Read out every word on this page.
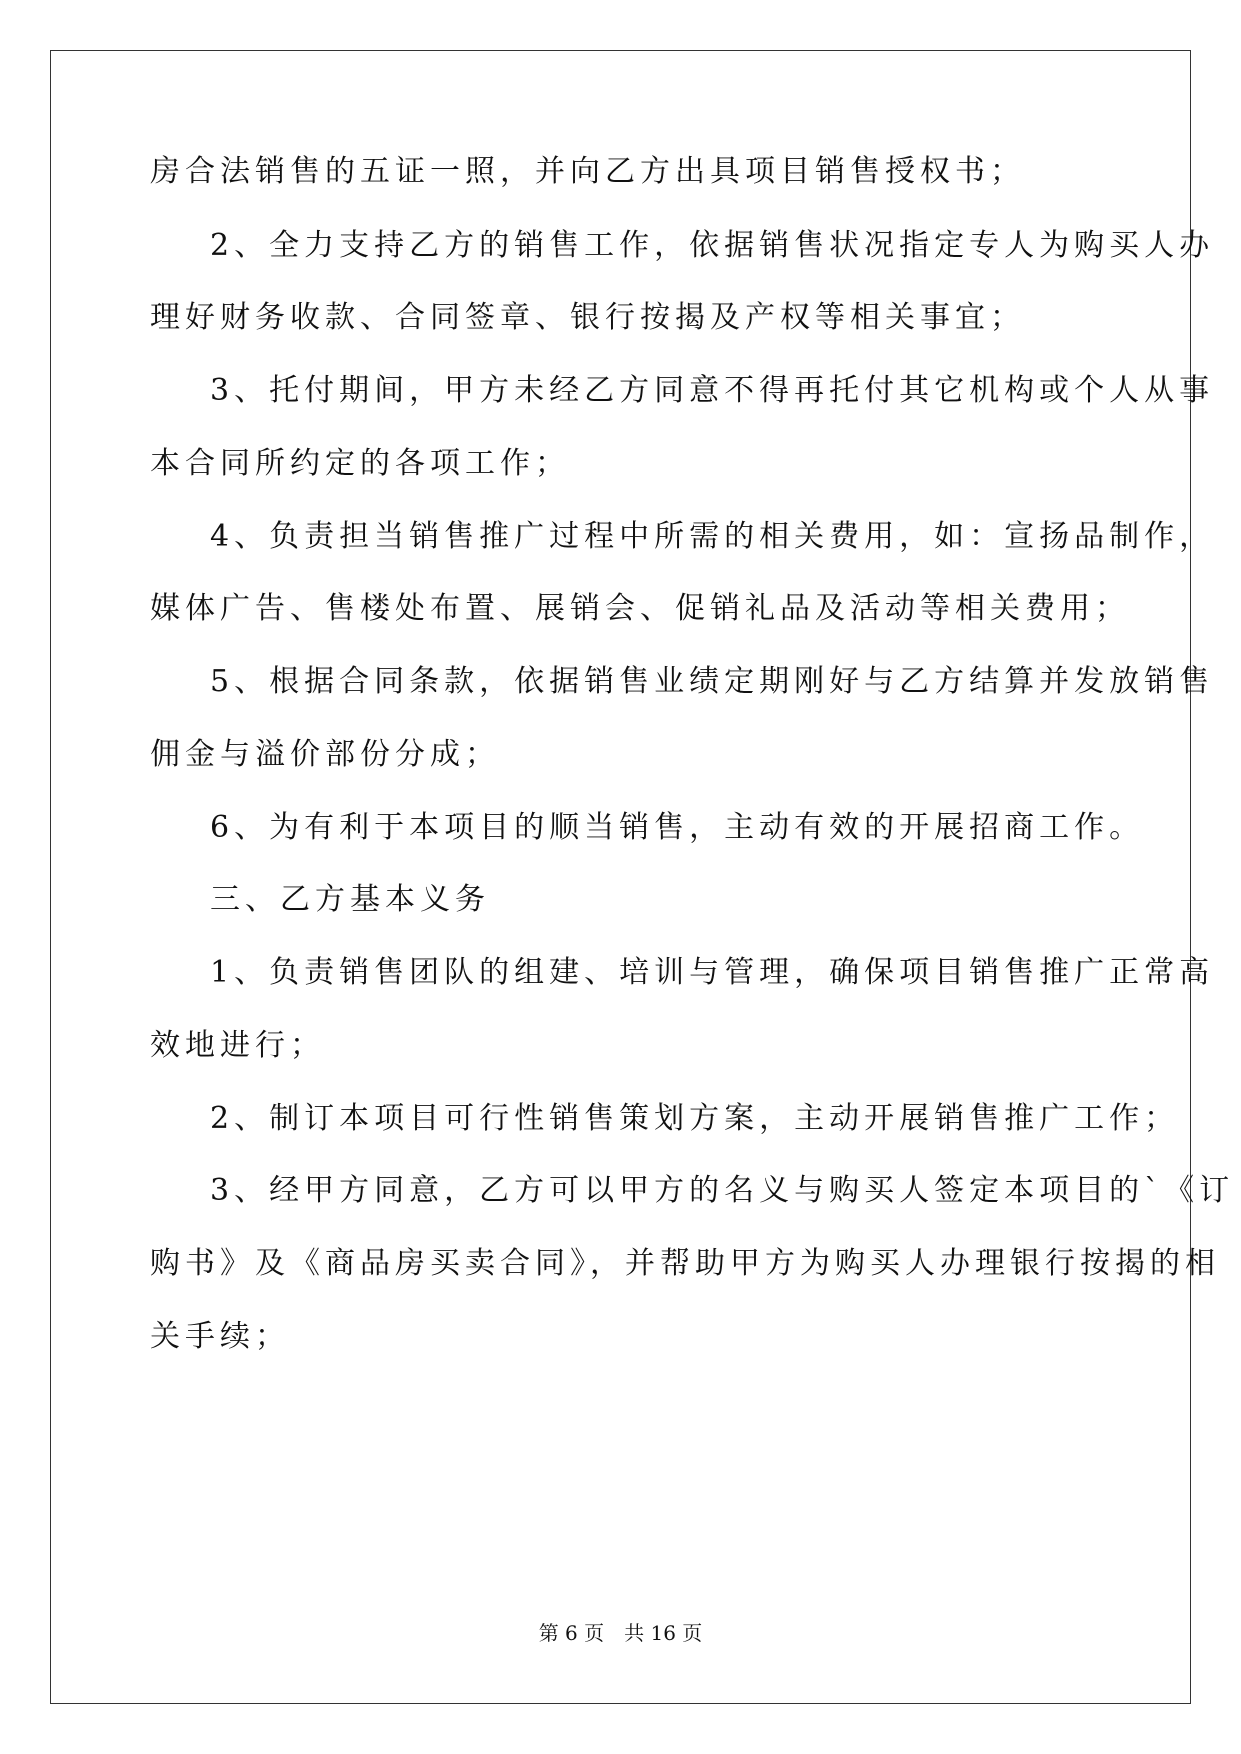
房合法销售的五证一照，并向乙方出具项目销售授权书；
2、全力支持乙方的销售工作，依据销售状况指定专人为购买人办
理好财务收款、合同签章、银行按揭及产权等相关事宜；
3、托付期间，甲方未经乙方同意不得再托付其它机构或个人从事
本合同所约定的各项工作；
4、负责担当销售推广过程中所需的相关费用，如：宣扬品制作，
媒体广告、售楼处布置、展销会、促销礼品及活动等相关费用；
5、根据合同条款，依据销售业绩定期刚好与乙方结算并发放销售
佣金与溢价部份分成；
6、为有利于本项目的顺当销售，主动有效的开展招商工作。
三、乙方基本义务
1、负责销售团队的组建、培训与管理，确保项目销售推广正常高
效地进行；
2、制订本项目可行性销售策划方案，主动开展销售推广工作；
3、经甲方同意，乙方可以甲方的名义与购买人签定本项目的`《订
购书》及《商品房买卖合同》，并帮助甲方为购买人办理银行按揭的相
关手续；
第 6 页　共 16 页
